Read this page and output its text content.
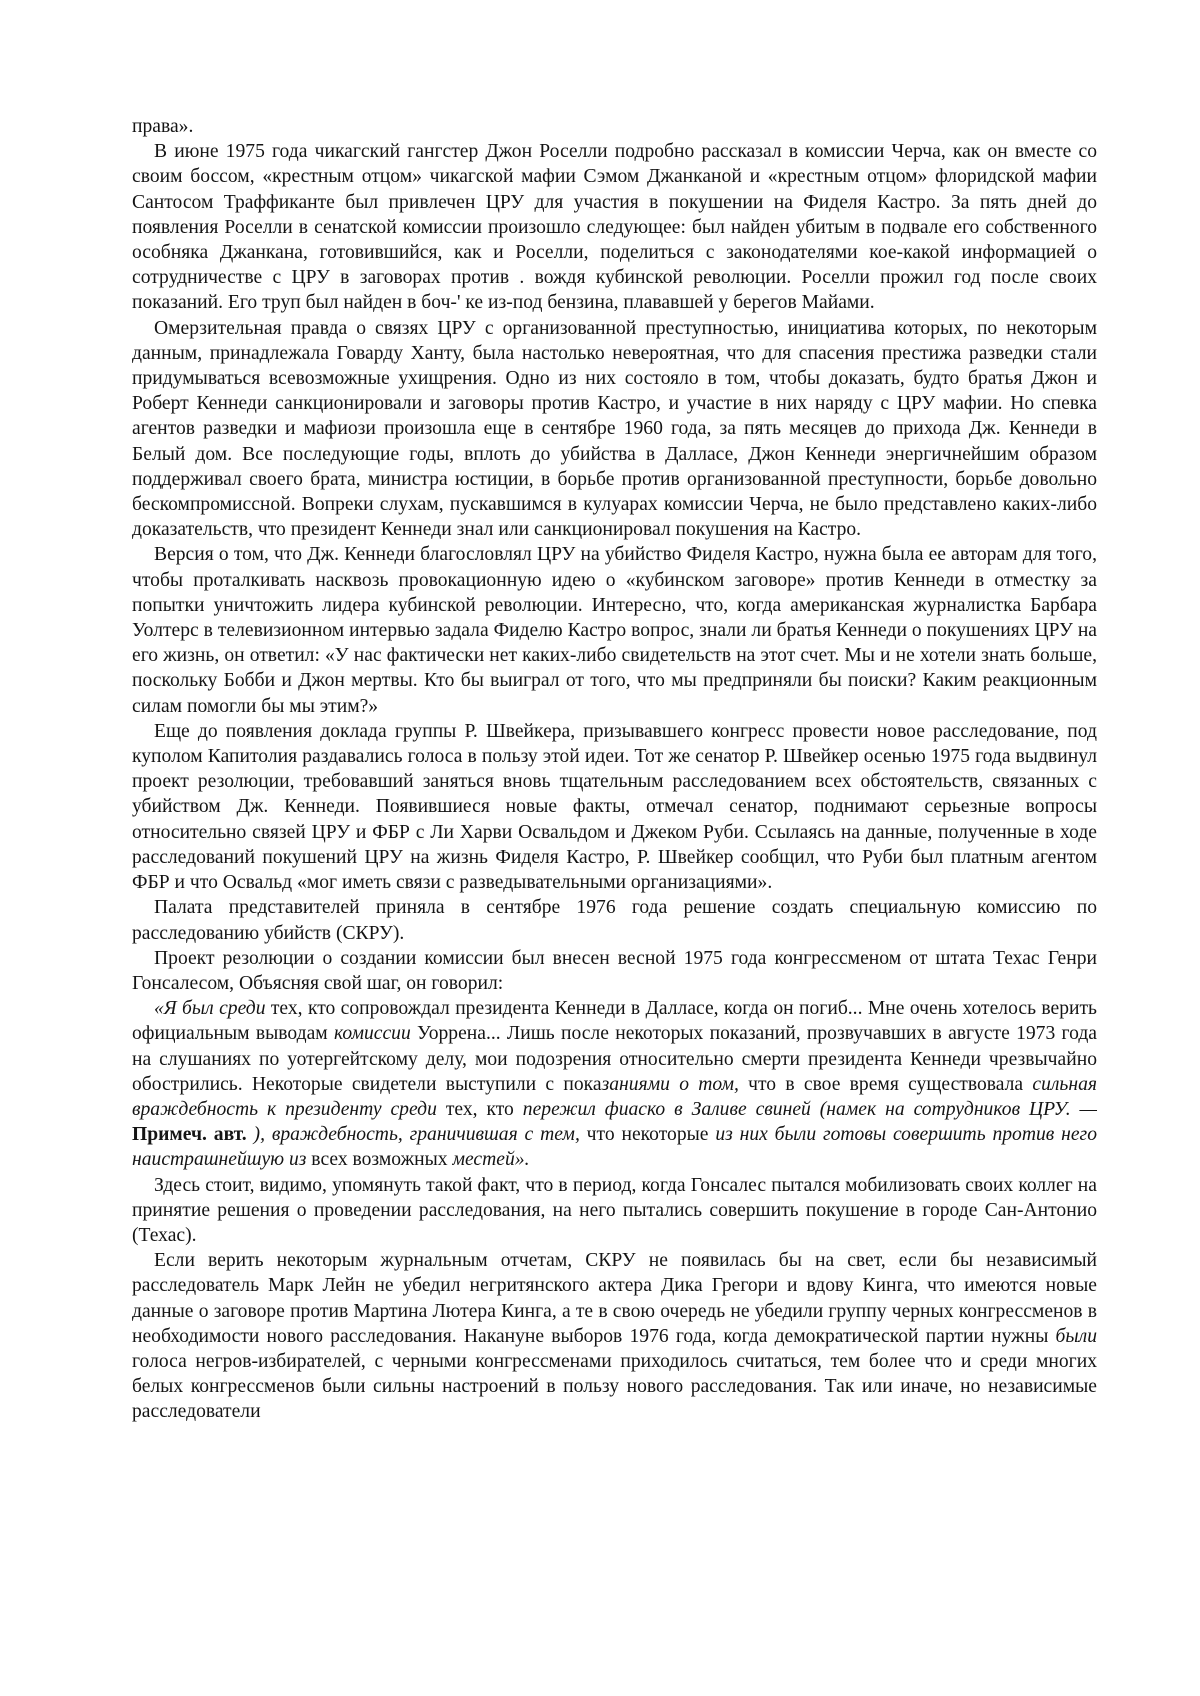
права».

В июне 1975 года чикагский гангстер Джон Роселли подробно рассказал в комиссии Черча, как он вместе со своим боссом, «крестным отцом» чикагской мафии Сэмом Джанканой и «крестным отцом» флоридской мафии Сантосом Траффиканте был привлечен ЦРУ для участия в покушении на Фиделя Кастро. За пять дней до появления Роселли в сенатской комиссии произошло следующее: был найден убитым в подвале его собственного особняка Джанкана, готовившийся, как и Роселли, поделиться с законодателями кое-какой информацией о сотрудничестве с ЦРУ в заговорах против . вождя кубинской революции. Роселли прожил год после своих показаний. Его труп был найден в боч-' ке из-под бензина, плававшей у берегов Майами.

Омерзительная правда о связях ЦРУ с организованной преступностью, инициатива которых, по некоторым данным, принадлежала Говарду Ханту, была настолько невероятная, что для спасения престижа разведки стали придумываться всевозможные ухищрения. Одно из них состояло в том, чтобы доказать, будто братья Джон и Роберт Кеннеди санкционировали и заговоры против Кастро, и участие в них наряду с ЦРУ мафии. Но спевка агентов разведки и мафиози произошла еще в сентябре 1960 года, за пять месяцев до прихода Дж. Кеннеди в Белый дом. Все последующие годы, вплоть до убийства в Далласе, Джон Кеннеди энергичнейшим образом поддерживал своего брата, министра юстиции, в борьбе против организованной преступности, борьбе довольно бескомпромиссной. Вопреки слухам, пускавшимся в кулуарах комиссии Черча, не было представлено каких-либо доказательств, что президент Кеннеди знал или санкционировал покушения на Кастро.

Версия о том, что Дж. Кеннеди благословлял ЦРУ на убийство Фиделя Кастро, нужна была ее авторам для того, чтобы проталкивать насквозь провокационную идею о «кубинском заговоре» против Кеннеди в отместку за попытки уничтожить лидера кубинской революции. Интересно, что, когда американская журналистка Барбара Уолтерс в телевизионном интервью задала Фиделю Кастро вопрос, знали ли братья Кеннеди о покушениях ЦРУ на его жизнь, он ответил: «У нас фактически нет каких-либо свидетельств на этот счет. Мы и не хотели знать больше, поскольку Бобби и Джон мертвы. Кто бы выиграл от того, что мы предприняли бы поиски? Каким реакционным силам помогли бы мы этим?»

Еще до появления доклада группы Р. Швейкера, призывавшего конгресс провести новое расследование, под куполом Капитолия раздавались голоса в пользу этой идеи. Тот же сенатор Р. Швейкер осенью 1975 года выдвинул проект резолюции, требовавший заняться вновь тщательным расследованием всех обстоятельств, связанных с убийством Дж. Кеннеди. Появившиеся новые факты, отмечал сенатор, поднимают серьезные вопросы относительно связей ЦРУ и ФБР с Ли Харви Освальдом и Джеком Руби. Ссылаясь на данные, полученные в ходе расследований покушений ЦРУ на жизнь Фиделя Кастро, Р. Швейкер сообщил, что Руби был платным агентом ФБР и что Освальд «мог иметь связи с разведывательными организациями».

Палата представителей приняла в сентябре 1976 года решение создать специальную комиссию по расследованию убийств (СКРУ).

Проект резолюции о создании комиссии был внесен весной 1975 года конгрессменом от штата Техас Генри Гонсалесом, Объясняя свой шаг, он говорил:

«Я был среди тех, кто сопровождал президента Кеннеди в Далласе, когда он погиб... Мне очень хотелось верить официальным выводам комиссии Уоррена... Лишь после некоторых показаний, прозвучавших в августе 1973 года на слушаниях по уотергейтскому делу, мои подозрения относительно смерти президента Кеннеди чрезвычайно обострились. Некоторые свидетели выступили с показаниями о том, что в свое время существовала сильная враждебность к президенту среди тех, кто пережил фиаско в Заливе свиней (намек на сотрудников ЦРУ. — Примеч. авт. ), враждебность, граничившая с тем, что некоторые из них были готовы совершить против него наистрашнейшую из всех возможных местей».

Здесь стоит, видимо, упомянуть такой факт, что в период, когда Гонсалес пытался мобилизовать своих коллег на принятие решения о проведении расследования, на него пытались совершить покушение в городе Сан-Антонио (Техас).

Если верить некоторым журнальным отчетам, СКРУ не появилась бы на свет, если бы независимый расследователь Марк Лейн не убедил негритянского актера Дика Грегори и вдову Кинга, что имеются новые данные о заговоре против Мартина Лютера Кинга, а те в свою очередь не убедили группу черных конгрессменов в необходимости нового расследования. Накануне выборов 1976 года, когда демократической партии нужны были голоса негров-избирателей, с черными конгрессменами приходилось считаться, тем более что и среди многих белых конгрессменов были сильны настроений в пользу нового расследования. Так или иначе, но независимые расследователи
